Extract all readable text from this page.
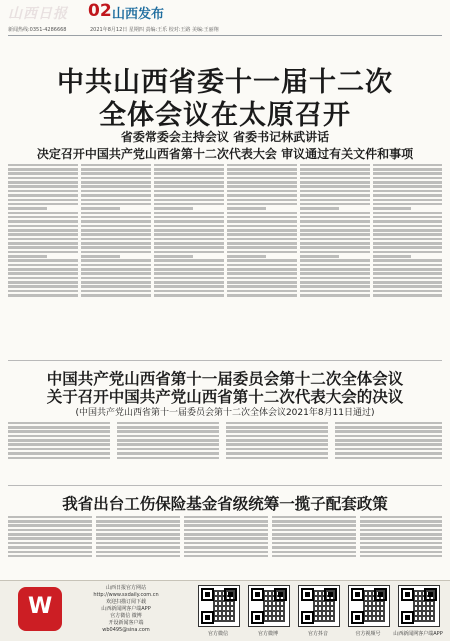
山西日报 02 山西发布
新闻热线:0351-4286668	2021年8月12日 星期四 责编:王乐 校对:王路 美编:王丽翔
中共山西省委十一届十二次
全体会议在太原召开
省委常委会主持会议 省委书记林武讲话
决定召开中国共产党山西省第十二次代表大会 审议通过有关文件和事项
中国共产党山西省第十一届委员会第十二次全体会议
关于召开中国共产党山西省第十二次代表大会的决议
(中国共产党山西省第十一届委员会第十二次全体会议2021年8月11日通过)
我省出台工伤保险基金省级统筹一揽子配套政策
W
山西日报官方网站
http://www.sxdaily.com.cn
欢迎扫描订阅下载
山西新闻网客户端APP
官方微信 微博
开设新闻客户端
wb0495@sina.com
官方微信	官方微博	官方抖音	官方视频号	山西新闻网客户端APP
